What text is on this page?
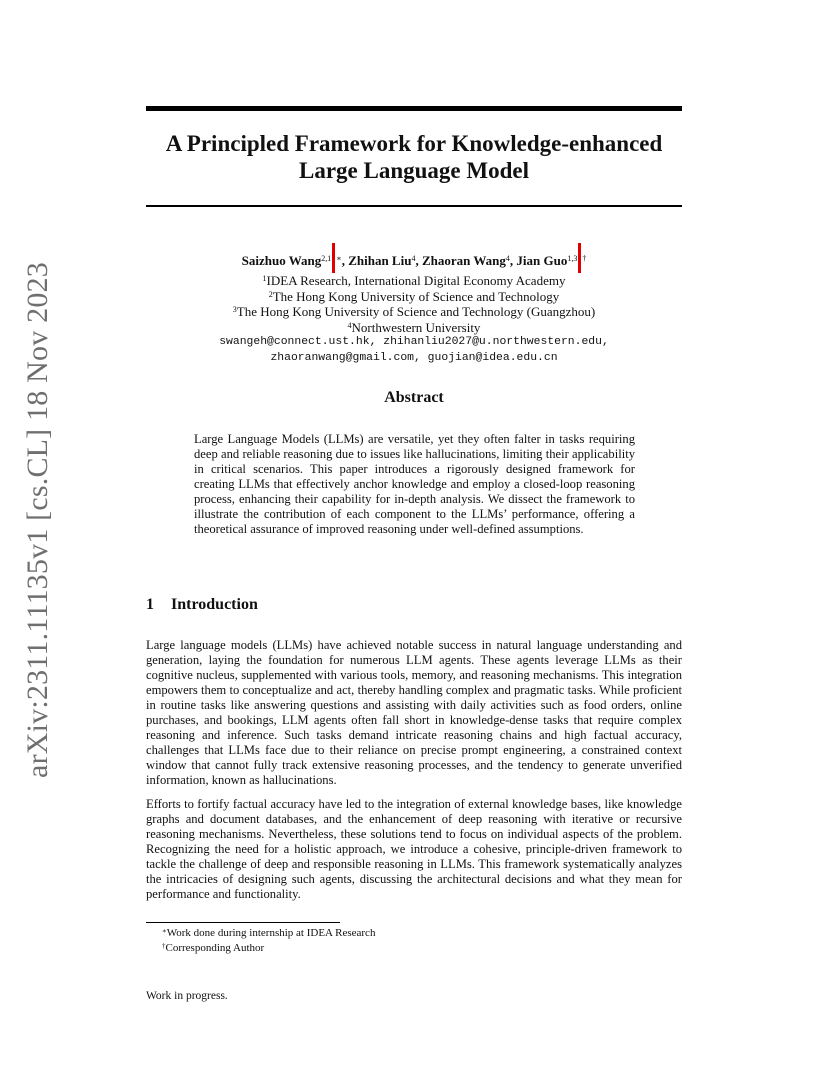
arXiv:2311.11135v1 [cs.CL] 18 Nov 2023
A Principled Framework for Knowledge-enhanced
Large Language Model
Saizhuo Wang$^{2,1}$ ∗, Zhihan Liu$^4$, Zhaoran Wang$^4$, Jian Guo$^{1,3}$ †
$^1$IDEA Research, International Digital Economy Academy
$^2$The Hong Kong University of Science and Technology
$^3$The Hong Kong University of Science and Technology (Guangzhou)
$^4$Northwestern University
swangeh@connect.ust.hk, zhihanliu2027@u.northwestern.edu,
zhaoranwang@gmail.com, guojian@idea.edu.cn
Abstract
Large Language Models (LLMs) are versatile, yet they often falter in tasks requiring deep and reliable reasoning due to issues like hallucinations, limiting their applicability in critical scenarios. This paper introduces a rigorously designed framework for creating LLMs that effectively anchor knowledge and employ a closed-loop reasoning process, enhancing their capability for in-depth analysis. We dissect the framework to illustrate the contribution of each component to the LLMs’ performance, offering a theoretical assurance of improved reasoning under well-defined assumptions.
1 Introduction
Large language models (LLMs) have achieved notable success in natural language understanding and generation, laying the foundation for numerous LLM agents. These agents leverage LLMs as their cognitive nucleus, supplemented with various tools, memory, and reasoning mechanisms. This integration empowers them to conceptualize and act, thereby handling complex and pragmatic tasks. While proficient in routine tasks like answering questions and assisting with daily activities such as food orders, online purchases, and bookings, LLM agents often fall short in knowledge-dense tasks that require complex reasoning and inference. Such tasks demand intricate reasoning chains and high factual accuracy, challenges that LLMs face due to their reliance on precise prompt engineering, a constrained context window that cannot fully track extensive reasoning processes, and the tendency to generate unverified information, known as hallucinations.
Efforts to fortify factual accuracy have led to the integration of external knowledge bases, like knowledge graphs and document databases, and the enhancement of deep reasoning with iterative or recursive reasoning mechanisms. Nevertheless, these solutions tend to focus on individual aspects of the problem. Recognizing the need for a holistic approach, we introduce a cohesive, principle-driven framework to tackle the challenge of deep and responsible reasoning in LLMs. This framework systematically analyzes the intricacies of designing such agents, discussing the architectural decisions and what they mean for performance and functionality.
∗Work done during internship at IDEA Research
†Corresponding Author
Work in progress.
